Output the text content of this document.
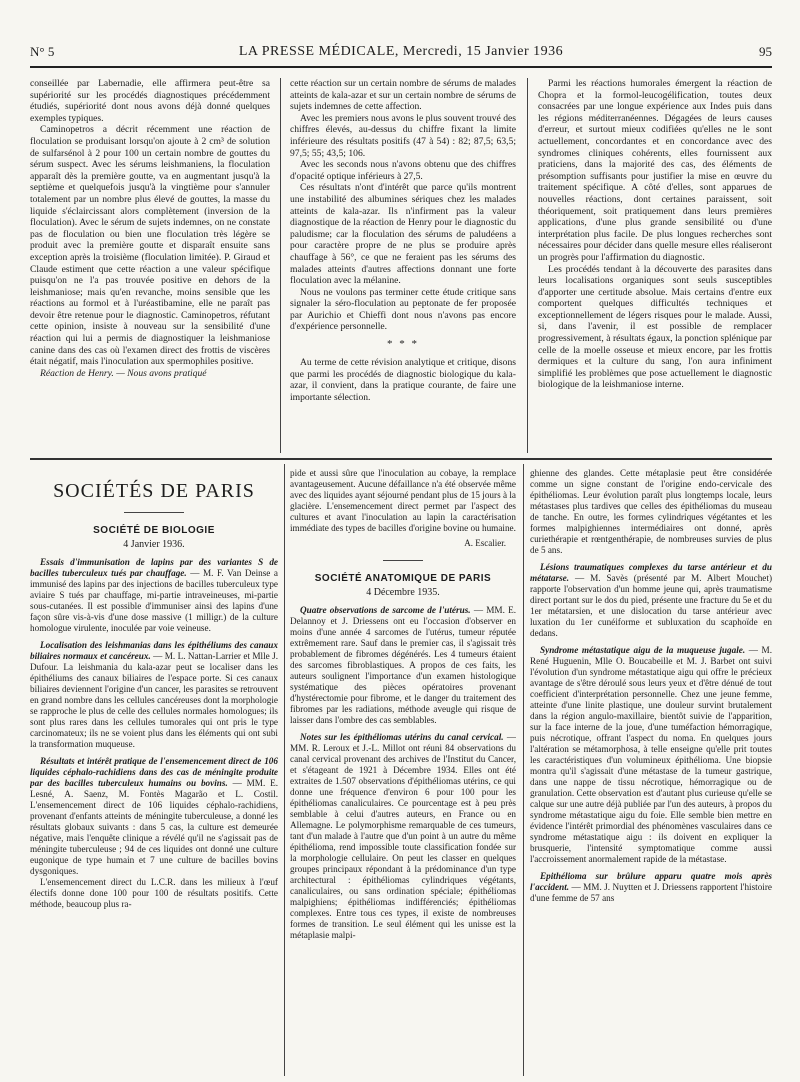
N° 5	LA PRESSE MÉDICALE, Mercredi, 15 Janvier 1936	95

conseillée par Labernadie, elle affirmera peut-être sa supériorité sur les procédés diagnostiques précédemment étudiés, supériorité dont nous avons déjà donné quelques exemples typiques.

Caminopetros a décrit récemment une réaction de floculation se produisant lorsqu'on ajoute à 2 cm³ de solution de sulfarsénol à 2 pour 100 un certain nombre de gouttes du sérum suspect. Avec les sérums leishmaniens, la floculation apparaît dès la première goutte, va en augmentant jusqu'à la septième et quelquefois jusqu'à la vingtième pour s'annuler totalement par un nombre plus élevé de gouttes, la masse du liquide s'éclaircissant alors complètement (inversion de la floculation). Avec le sérum de sujets indemnes, on ne constate pas de floculation ou bien une floculation très légère se produit avec la première goutte et disparaît ensuite sans exception après la troisième (floculation limitée). P. Giraud et Claude estiment que cette réaction a une valeur spécifique puisqu'on ne l'a pas trouvée positive en dehors de la leishmaniose; mais qu'en revanche, moins sensible que les réactions au formol et à l'uréastibamine, elle ne paraît pas devoir être retenue pour le diagnostic. Caminopetros, réfutant cette opinion, insiste à nouveau sur la sensibilité d'une réaction qui lui a permis de diagnostiquer la leishmaniose canine dans des cas où l'examen direct des frottis de viscères était négatif, mais l'inoculation aux spermophiles positive.

Réaction de Henry. — Nous avons pratiqué

cette réaction sur un certain nombre de sérums de malades atteints de kala-azar et sur un certain nombre de sérums de sujets indemnes de cette affection.

Avec les premiers nous avons le plus souvent trouvé des chiffres élevés, au-dessus du chiffre fixant la limite inférieure des résultats positifs (47 à 54) : 82; 87,5; 63,5; 97,5; 55; 43,5; 106.

Avec les seconds nous n'avons obtenu que des chiffres d'opacité optique inférieurs à 27,5.

Ces résultats n'ont d'intérêt que parce qu'ils montrent une instabilité des albumines sériques chez les malades atteints de kala-azar. Ils n'infirment pas la valeur diagnostique de la réaction de Henry pour le diagnostic du paludisme; car la floculation des sérums de paludéens a pour caractère propre de ne plus se produire après chauffage à 56°, ce que ne feraient pas les sérums des malades atteints d'autres affections donnant une forte floculation avec la mélanine.

Nous ne voulons pas terminer cette étude critique sans signaler la séro-floculation au peptonate de fer proposée par Aurichio et Chieffi dont nous n'avons pas encore d'expérience personnelle.

* * *

Au terme de cette révision analytique et critique, disons que parmi les procédés de diagnostic biologique du kala-azar, il convient, dans la pratique courante, de faire une importante sélection.

Parmi les réactions humorales émergent la réaction de Chopra et la formol-leucogélification, toutes deux consacrées par une longue expérience aux Indes puis dans les régions méditerranéennes. Dégagées de leurs causes d'erreur, et surtout mieux codifiées qu'elles ne le sont actuellement, concordantes et en concordance avec des syndromes cliniques cohérents, elles fournissent aux praticiens, dans la majorité des cas, des éléments de présomption suffisants pour justifier la mise en œuvre du traitement spécifique. A côté d'elles, sont apparues de nouvelles réactions, dont certaines paraissent, soit théoriquement, soit pratiquement dans leurs premières applications, d'une plus grande sensibilité ou d'une interprétation plus facile. De plus longues recherches sont nécessaires pour décider dans quelle mesure elles réaliseront un progrès pour l'affirmation du diagnostic.

Les procédés tendant à la découverte des parasites dans leurs localisations organiques sont seuls susceptibles d'apporter une certitude absolue. Mais certains d'entre eux comportent quelques difficultés techniques et exceptionnellement de légers risques pour le malade. Aussi, si, dans l'avenir, il est possible de remplacer progressivement, à résultats égaux, la ponction splénique par celle de la moelle osseuse et mieux encore, par les frottis dermiques et la culture du sang, l'on aura infiniment simplifié les problèmes que pose actuellement le diagnostic biologique de la leishmaniose interne.

SOCIÉTÉS DE PARIS
SOCIÉTÉ DE BIOLOGIE
4 Janvier 1936.

Essais d'immunisation de lapins par des variantes S de bacilles tuberculeux tués par chauffage. — M. F. Van Deinse a immunisé des lapins par des injections de bacilles tuberculeux type aviaire S tués par chauffage, mi-partie intraveineuses, mi-partie sous-cutanées. Il est possible d'immuniser ainsi des lapins d'une façon sûre vis-à-vis d'une dose massive (1 milligr.) de la culture homologue virulente, inoculée par voie veineuse.

Localisation des leishmanias dans les épithéliums des canaux biliaires normaux et cancéreux. — M. L. Nattan-Larrier et Mlle J. Dufour. La leishmania du kala-azar peut se localiser dans les épithéliums des canaux biliaires de l'espace porte. Si ces canaux biliaires deviennent l'origine d'un cancer, les parasites se retrouvent en grand nombre dans les cellules cancéreuses dont la morphologie se rapproche le plus de celle des cellules normales homologues; ils sont plus rares dans les cellules tumorales qui ont pris le type carcinomateux; ils ne se voient plus dans les éléments qui ont subi la transformation muqueuse.

Résultats et intérêt pratique de l'ensemencement direct de 106 liquides céphalo-rachidiens dans des cas de méningite produite par des bacilles tuberculeux humains ou bovins. — MM. E. Lesné, A. Saenz, M. Fontès Magarão et L. Costil. L'ensemencement direct de 106 liquides céphalo-rachidiens, provenant d'enfants atteints de méningite tuberculeuse, a donné les résultats globaux suivants : dans 5 cas, la culture est demeurée négative, mais l'enquête clinique a révélé qu'il ne s'agissait pas de méningite tuberculeuse ; 94 de ces liquides ont donné une culture eugonique de type humain et 7 une culture de bacilles bovins dysgoniques.

L'ensemencement direct du L.C.R. dans les milieux à l'œuf électifs donne done 100 pour 100 de résultats positifs. Cette méthode, beaucoup plus ra-

pide et aussi sûre que l'inoculation au cobaye, la remplace avantageusement. Aucune défaillance n'a été observée même avec des liquides ayant séjourné pendant plus de 15 jours à la glacière. L'ensemencement direct permet par l'aspect des cultures et avant l'inoculation au lapin la caractérisation immédiate des types de bacilles d'origine bovine ou humaine.

A. Escalier.
SOCIÉTÉ ANATOMIQUE DE PARIS
4 Décembre 1935.

Quatre observations de sarcome de l'utérus. — MM. E. Delannoy et J. Driessens ont eu l'occasion d'observer en moins d'une année 4 sarcomes de l'utérus, tumeur réputée extrêmement rare. Sauf dans le premier cas, il s'agissait très probablement de fibromes dégénérés. Les 4 tumeurs étaient des sarcomes fibroblastiques. A propos de ces faits, les auteurs soulignent l'importance d'un examen histologique systématique des pièces opératoires provenant d'hystérectomie pour fibrome, et le danger du traitement des fibromes par les radiations, méthode aveugle qui risque de laisser dans l'ombre des cas semblables.

Notes sur les épithéliomas utérins du canal cervical. — MM. R. Leroux et J.-L. Millot ont réuni 84 observations du canal cervical provenant des archives de l'Institut du Cancer, et s'étageant de 1921 à Décembre 1934. Elles ont été extraites de 1.507 observations d'épithéliomas utérins, ce qui donne une fréquence d'environ 6 pour 100 pour les épithéliomas canaliculaires. Ce pourcentage est à peu près semblable à celui d'autres auteurs, en France ou en Allemagne. Le polymorphisme remarquable de ces tumeurs, tant d'un malade à l'autre que d'un point à un autre du même épithélioma, rend impossible toute classification fondée sur la morphologie cellulaire. On peut les classer en quelques groupes principaux répondant à la prédominance d'un type architectural : épithéliomas cylindriques végétants, canaliculaires, ou sans ordination spéciale; épithéliomas malpighiens; épithéliomas indifférenciés; épithéliomas complexes. Entre tous ces types, il existe de nombreuses formes de transition. Le seul élément qui les unisse est la métaplasie malpi-

ghienne des glandes. Cette métaplasie peut être considérée comme un signe constant de l'origine endo-cervicale des épithéliomas. Leur évolution paraît plus longtemps locale, leurs métastases plus tardives que celles des épithéliomas du museau de tanche. En outre, les formes cylindriques végétantes et les formes malpighiennes intermédiaires ont donné, après curiethérapie et rœntgenthérapie, de nombreuses survies de plus de 5 ans.

Lésions traumatiques complexes du tarse antérieur et du métatarse. — M. Savès (présenté par M. Albert Mouchet) rapporte l'observation d'un homme jeune qui, après traumatisme direct portant sur le dos du pied, présente une fracture du 5e et du 1er métatarsien, et une dislocation du tarse antérieur avec luxation du 1er cunéiforme et subluxation du scaphoïde en dedans.

Syndrome métastatique aigu de la muqueuse jugale. — M. René Huguenin, Mlle O. Boucabeille et M. J. Barbet ont suivi l'évolution d'un syndrome métastatique aigu qui offre le précieux avantage de s'être déroulé sous leurs yeux et d'être dénué de tout coefficient d'interprétation personnelle. Chez une jeune femme, atteinte d'une linite plastique, une douleur survint brutalement dans la région angulo-maxillaire, bientôt suivie de l'apparition, sur la face interne de la joue, d'une tuméfaction hémorragique, puis nécrotique, offrant l'aspect du noma. En quelques jours l'altération se métamorphosa, à telle enseigne qu'elle prit toutes les caractéristiques d'un volumineux épithélioma. Une biopsie montra qu'il s'agissait d'une métastase de la tumeur gastrique, dans une nappe de tissu nécrotique, hémorragique ou de granulation. Cette observation est d'autant plus curieuse qu'elle se calque sur une autre déjà publiée par l'un des auteurs, à propos du syndrome métastatique aigu du foie. Elle semble bien mettre en évidence l'intérêt primordial des phénomènes vasculaires dans ce syndrome métastatique aigu : ils doivent en expliquer la brusquerie, l'intensité symptomatique comme aussi l'accroissement anormalement rapide de la métastase.

Epithélioma sur brûlure apparu quatre mois après l'accident. — MM. J. Nuytten et J. Driessens rapportent l'histoire d'une femme de 57 ans
